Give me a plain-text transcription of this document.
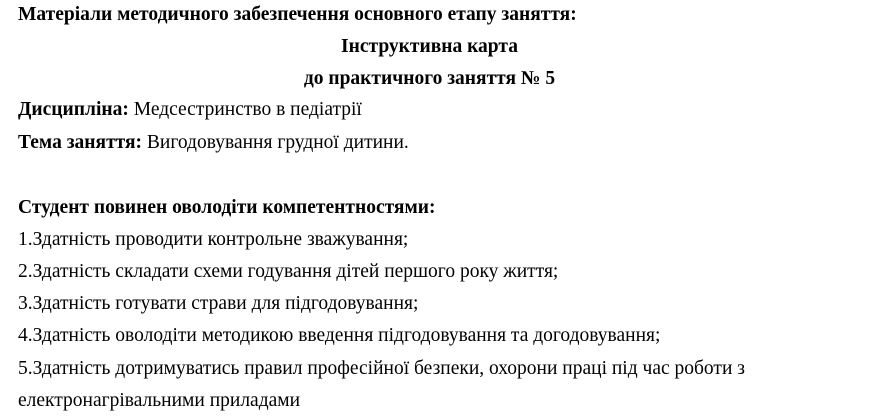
Матеріали методичного забезпечення основного етапу заняття:
Інструктивна карта
до практичного заняття № 5
Дисципліна: Медсестринство в педіатрії
Тема заняття: Вигодовування грудної дитини.
Студент повинен оволодіти компетентностями:
1.Здатність проводити контрольне зважування;
2.Здатність складати схеми годування дітей першого року життя;
3.Здатність готувати страви для підгодовування;
4.Здатність оволодіти методикою введення підгодовування та догодовування;
5.Здатність дотримуватись правил професійної безпеки, охорони праці під час роботи з
електронагрівальними приладами
